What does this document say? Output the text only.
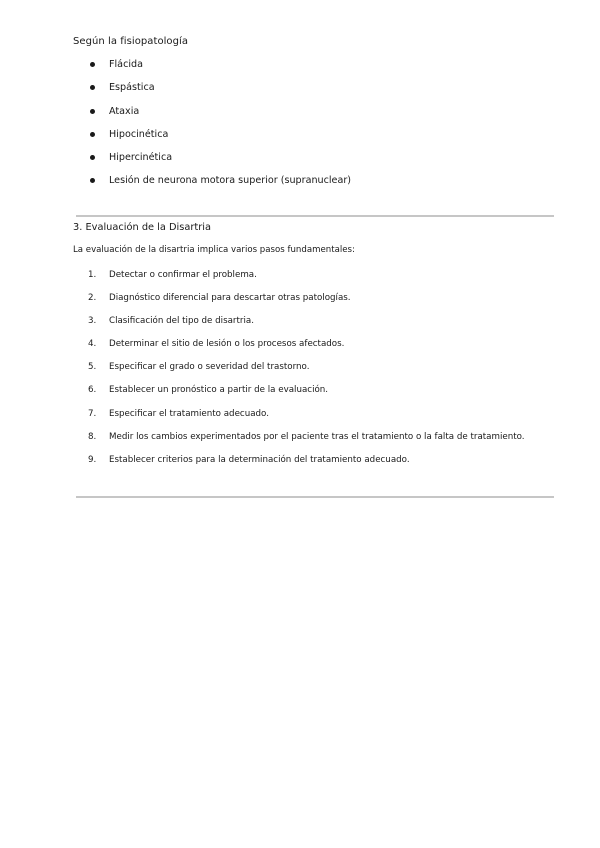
Según la fisiopatología
Flácida
Espástica
Ataxia
Hipocinética
Hipercinética
Lesión de neurona motora superior (supranuclear)
3. Evaluación de la Disartria
La evaluación de la disartria implica varios pasos fundamentales:
1. Detectar o confirmar el problema.
2. Diagnóstico diferencial para descartar otras patologías.
3. Clasificación del tipo de disartria.
4. Determinar el sitio de lesión o los procesos afectados.
5. Especificar el grado o severidad del trastorno.
6. Establecer un pronóstico a partir de la evaluación.
7. Especificar el tratamiento adecuado.
8. Medir los cambios experimentados por el paciente tras el tratamiento o la falta de tratamiento.
9. Establecer criterios para la determinación del tratamiento adecuado.
